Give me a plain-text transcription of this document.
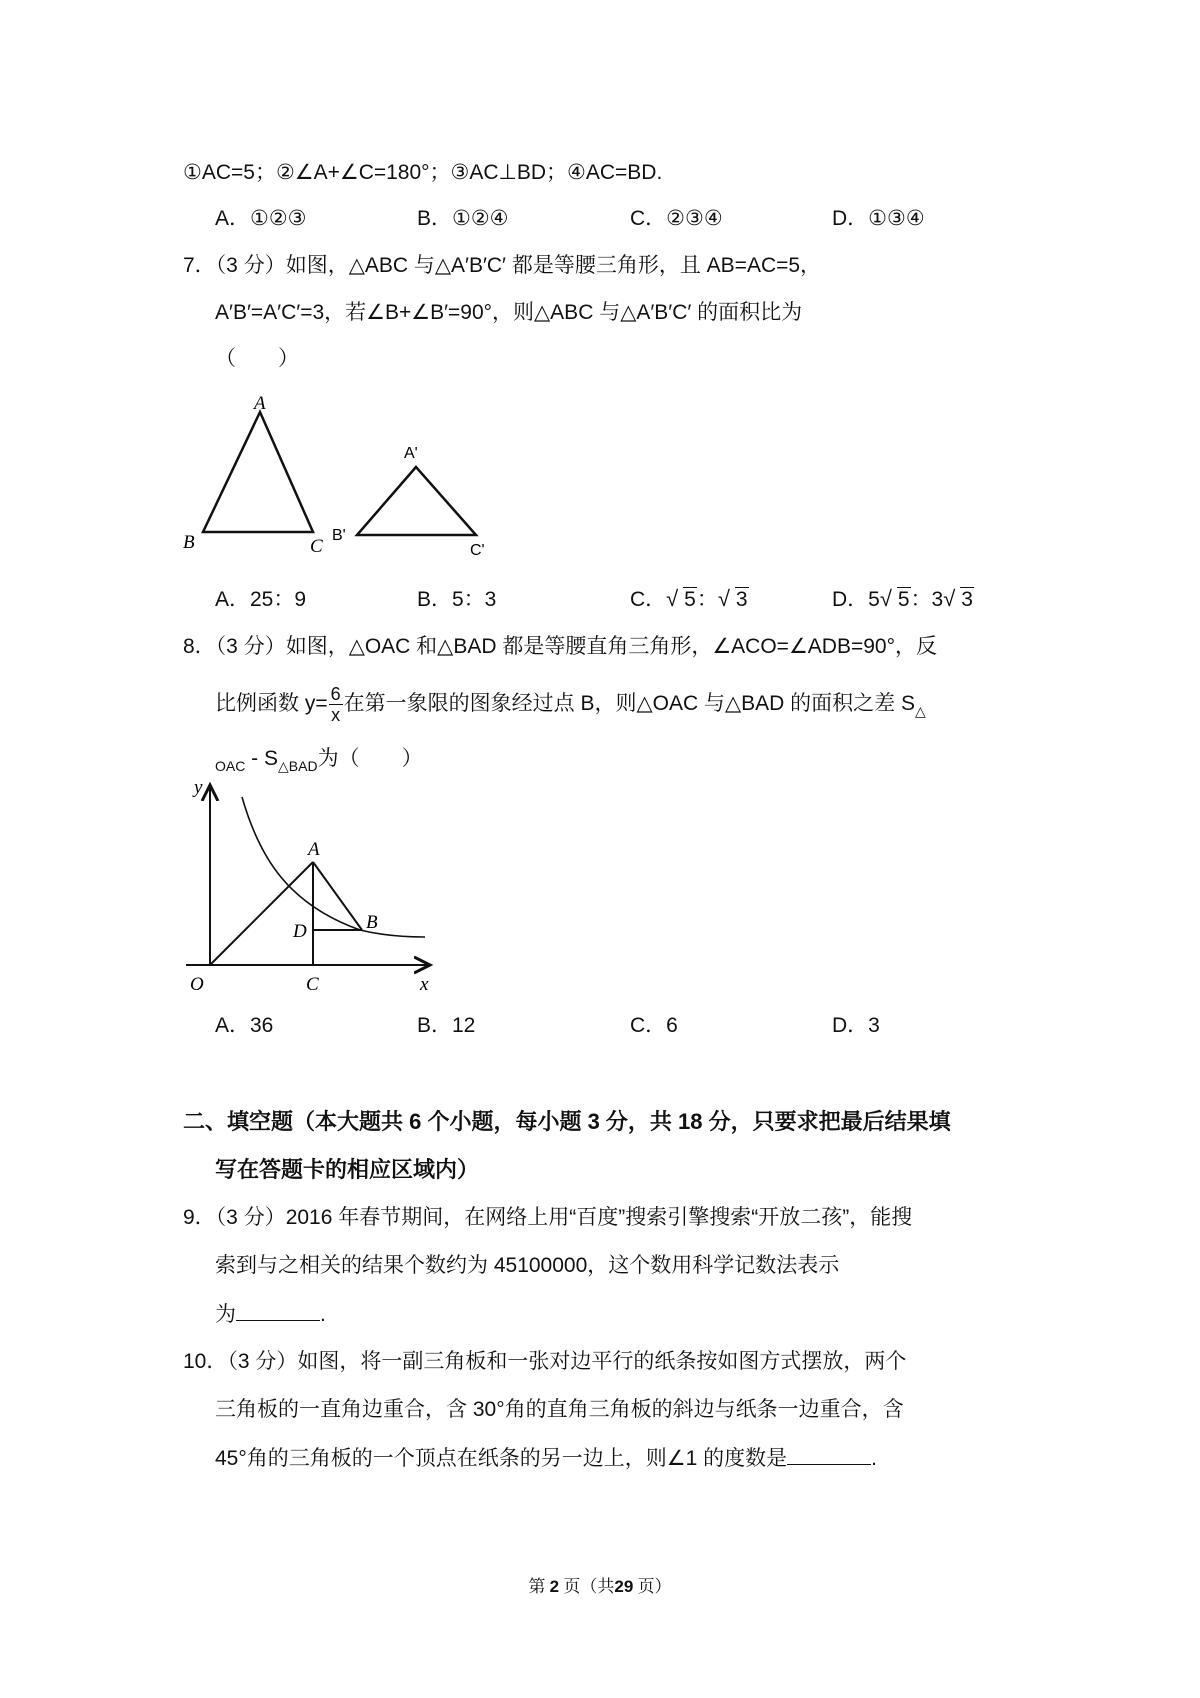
①AC=5；②∠A+∠C=180°；③AC⊥BD；④AC=BD.
A．①②③	B．①②④	C．②③④	D．①③④
7．（3 分）如图，△ABC 与△A′B′C′ 都是等腰三角形，且 AB=AC=5，
A′B′=A′C′=3，若∠B+∠B′=90°，则△ABC 与△A′B′C′ 的面积比为
（　　）
A
B	C
A'
B'
C'
A．25：9	B．5：3	C． √ 5： √ 3	D．5 √ 5：3 √ 3
8．（3 分）如图，△OAC 和△BAD 都是等腰直角三角形，∠ACO=∠ADB=90°，反
比例函数 $y= \frac{6}{x}$ 在第一象限的图象经过点 B，则△OAC 与△BAD 的面积之差 $S_\triangle$
$_{OAC} - S_{\triangle BAD}$为（　　）
y
x
O
A
B
C
D
A．36	B．12	C．6	D．3
二、填空题（本大题共 6 个小题，每小题 3 分，共 18 分，只要求把最后结果填
写在答题卡的相应区域内）
9．（3 分）2016 年春节期间，在网络上用“百度”搜索引擎搜索“开放二孩”，能搜
索到与之相关的结果个数约为 45100000，这个数用科学记数法表示
为	.
10．（3 分）如图，将一副三角板和一张对边平行的纸条按如图方式摆放，两个
三角板的一直角边重合，含 30°角的直角三角板的斜边与纸条一边重合，含
45°角的三角板的一个顶点在纸条的另一边上，则∠1 的度数是	.
第 2 页（共29 页）
